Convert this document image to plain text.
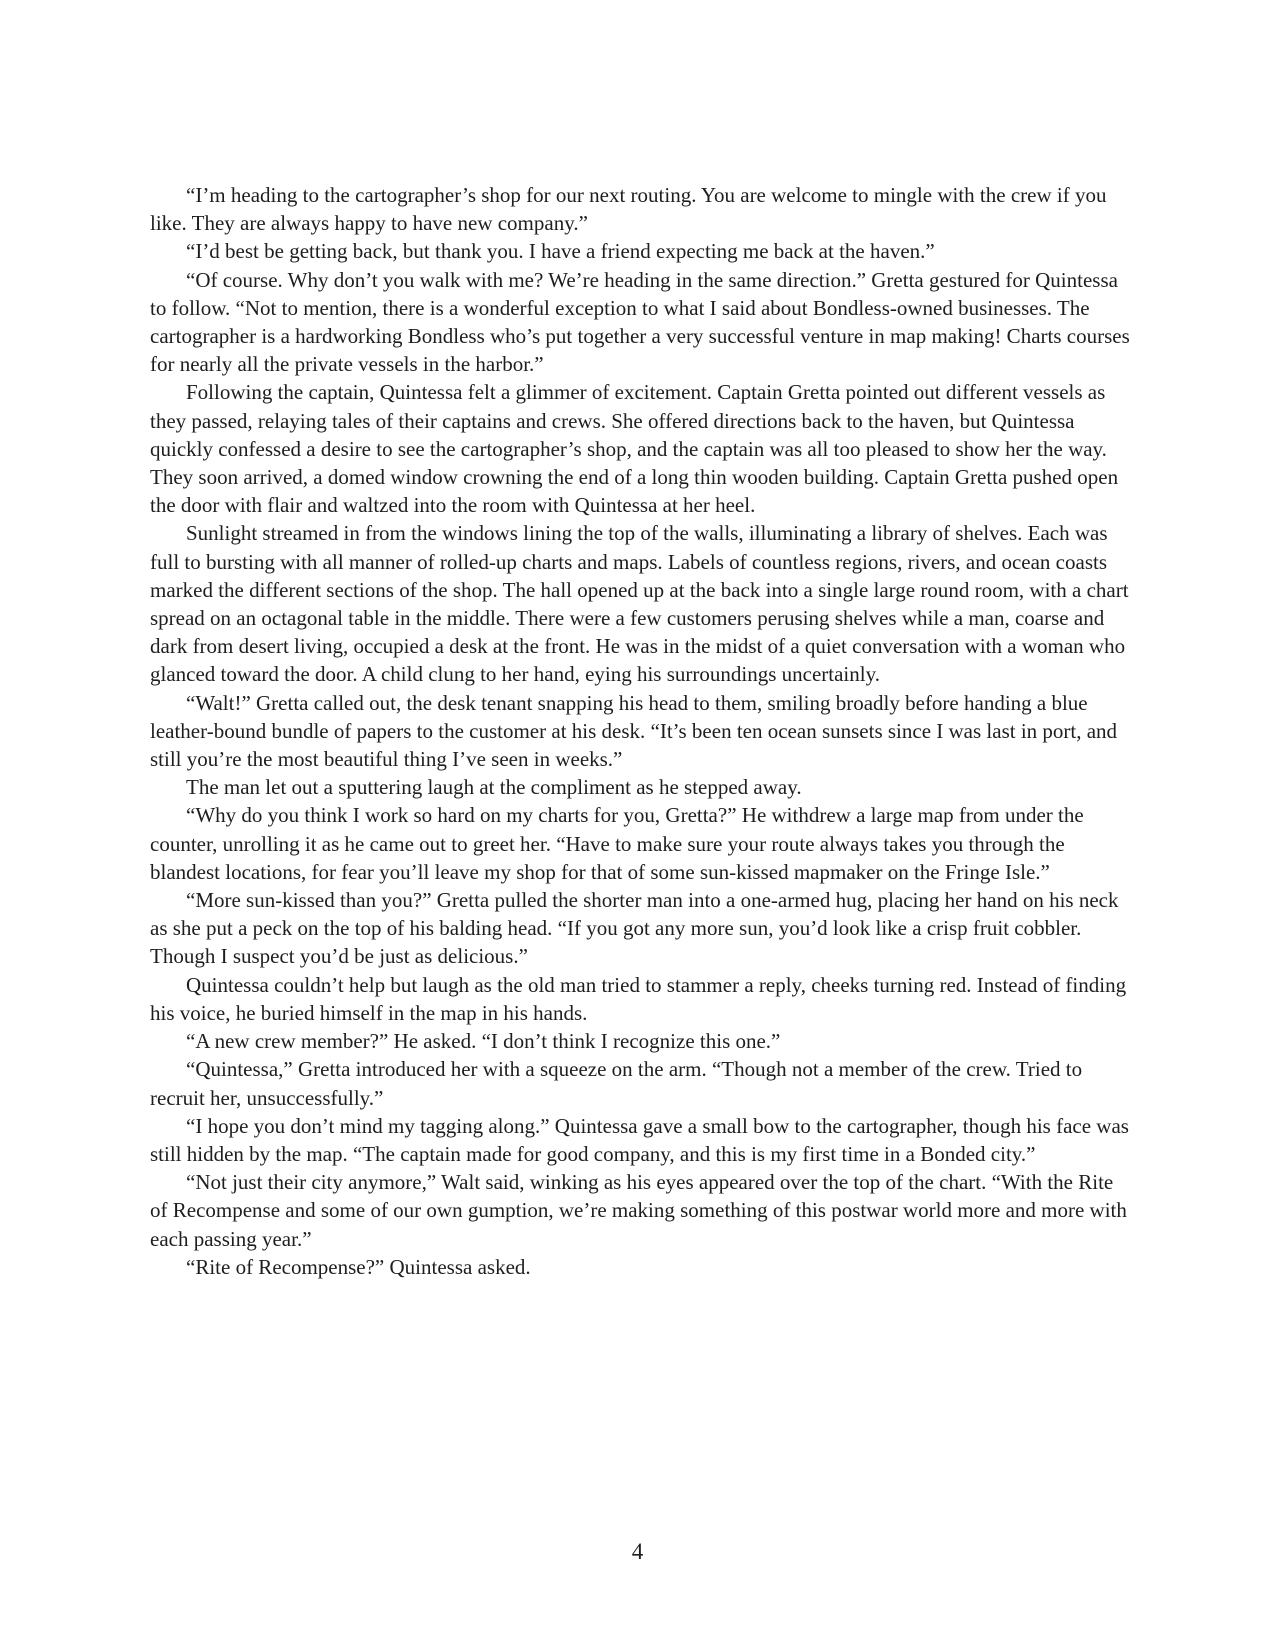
“I’m heading to the cartographer’s shop for our next routing. You are welcome to mingle with the crew if you like. They are always happy to have new company.”

“I’d best be getting back, but thank you. I have a friend expecting me back at the haven.”

“Of course. Why don’t you walk with me? We’re heading in the same direction.” Gretta gestured for Quintessa to follow. “Not to mention, there is a wonderful exception to what I said about Bondless-owned businesses. The cartographer is a hardworking Bondless who’s put together a very successful venture in map making! Charts courses for nearly all the private vessels in the harbor.”

Following the captain, Quintessa felt a glimmer of excitement. Captain Gretta pointed out different vessels as they passed, relaying tales of their captains and crews. She offered directions back to the haven, but Quintessa quickly confessed a desire to see the cartographer’s shop, and the captain was all too pleased to show her the way. They soon arrived, a domed window crowning the end of a long thin wooden building. Captain Gretta pushed open the door with flair and waltzed into the room with Quintessa at her heel.

Sunlight streamed in from the windows lining the top of the walls, illuminating a library of shelves. Each was full to bursting with all manner of rolled-up charts and maps. Labels of countless regions, rivers, and ocean coasts marked the different sections of the shop. The hall opened up at the back into a single large round room, with a chart spread on an octagonal table in the middle. There were a few customers perusing shelves while a man, coarse and dark from desert living, occupied a desk at the front. He was in the midst of a quiet conversation with a woman who glanced toward the door. A child clung to her hand, eying his surroundings uncertainly.

“Walt!” Gretta called out, the desk tenant snapping his head to them, smiling broadly before handing a blue leather-bound bundle of papers to the customer at his desk. “It’s been ten ocean sunsets since I was last in port, and still you’re the most beautiful thing I’ve seen in weeks.”

The man let out a sputtering laugh at the compliment as he stepped away.

“Why do you think I work so hard on my charts for you, Gretta?” He withdrew a large map from under the counter, unrolling it as he came out to greet her. “Have to make sure your route always takes you through the blandest locations, for fear you’ll leave my shop for that of some sun-kissed mapmaker on the Fringe Isle.”

“More sun-kissed than you?” Gretta pulled the shorter man into a one-armed hug, placing her hand on his neck as she put a peck on the top of his balding head. “If you got any more sun, you’d look like a crisp fruit cobbler. Though I suspect you’d be just as delicious.”

Quintessa couldn’t help but laugh as the old man tried to stammer a reply, cheeks turning red. Instead of finding his voice, he buried himself in the map in his hands.

“A new crew member?” He asked. “I don’t think I recognize this one.”

“Quintessa,” Gretta introduced her with a squeeze on the arm. “Though not a member of the crew. Tried to recruit her, unsuccessfully.”

“I hope you don’t mind my tagging along.” Quintessa gave a small bow to the cartographer, though his face was still hidden by the map. “The captain made for good company, and this is my first time in a Bonded city.”

“Not just their city anymore,” Walt said, winking as his eyes appeared over the top of the chart. “With the Rite of Recompense and some of our own gumption, we’re making something of this postwar world more and more with each passing year.”

“Rite of Recompense?” Quintessa asked.

4
